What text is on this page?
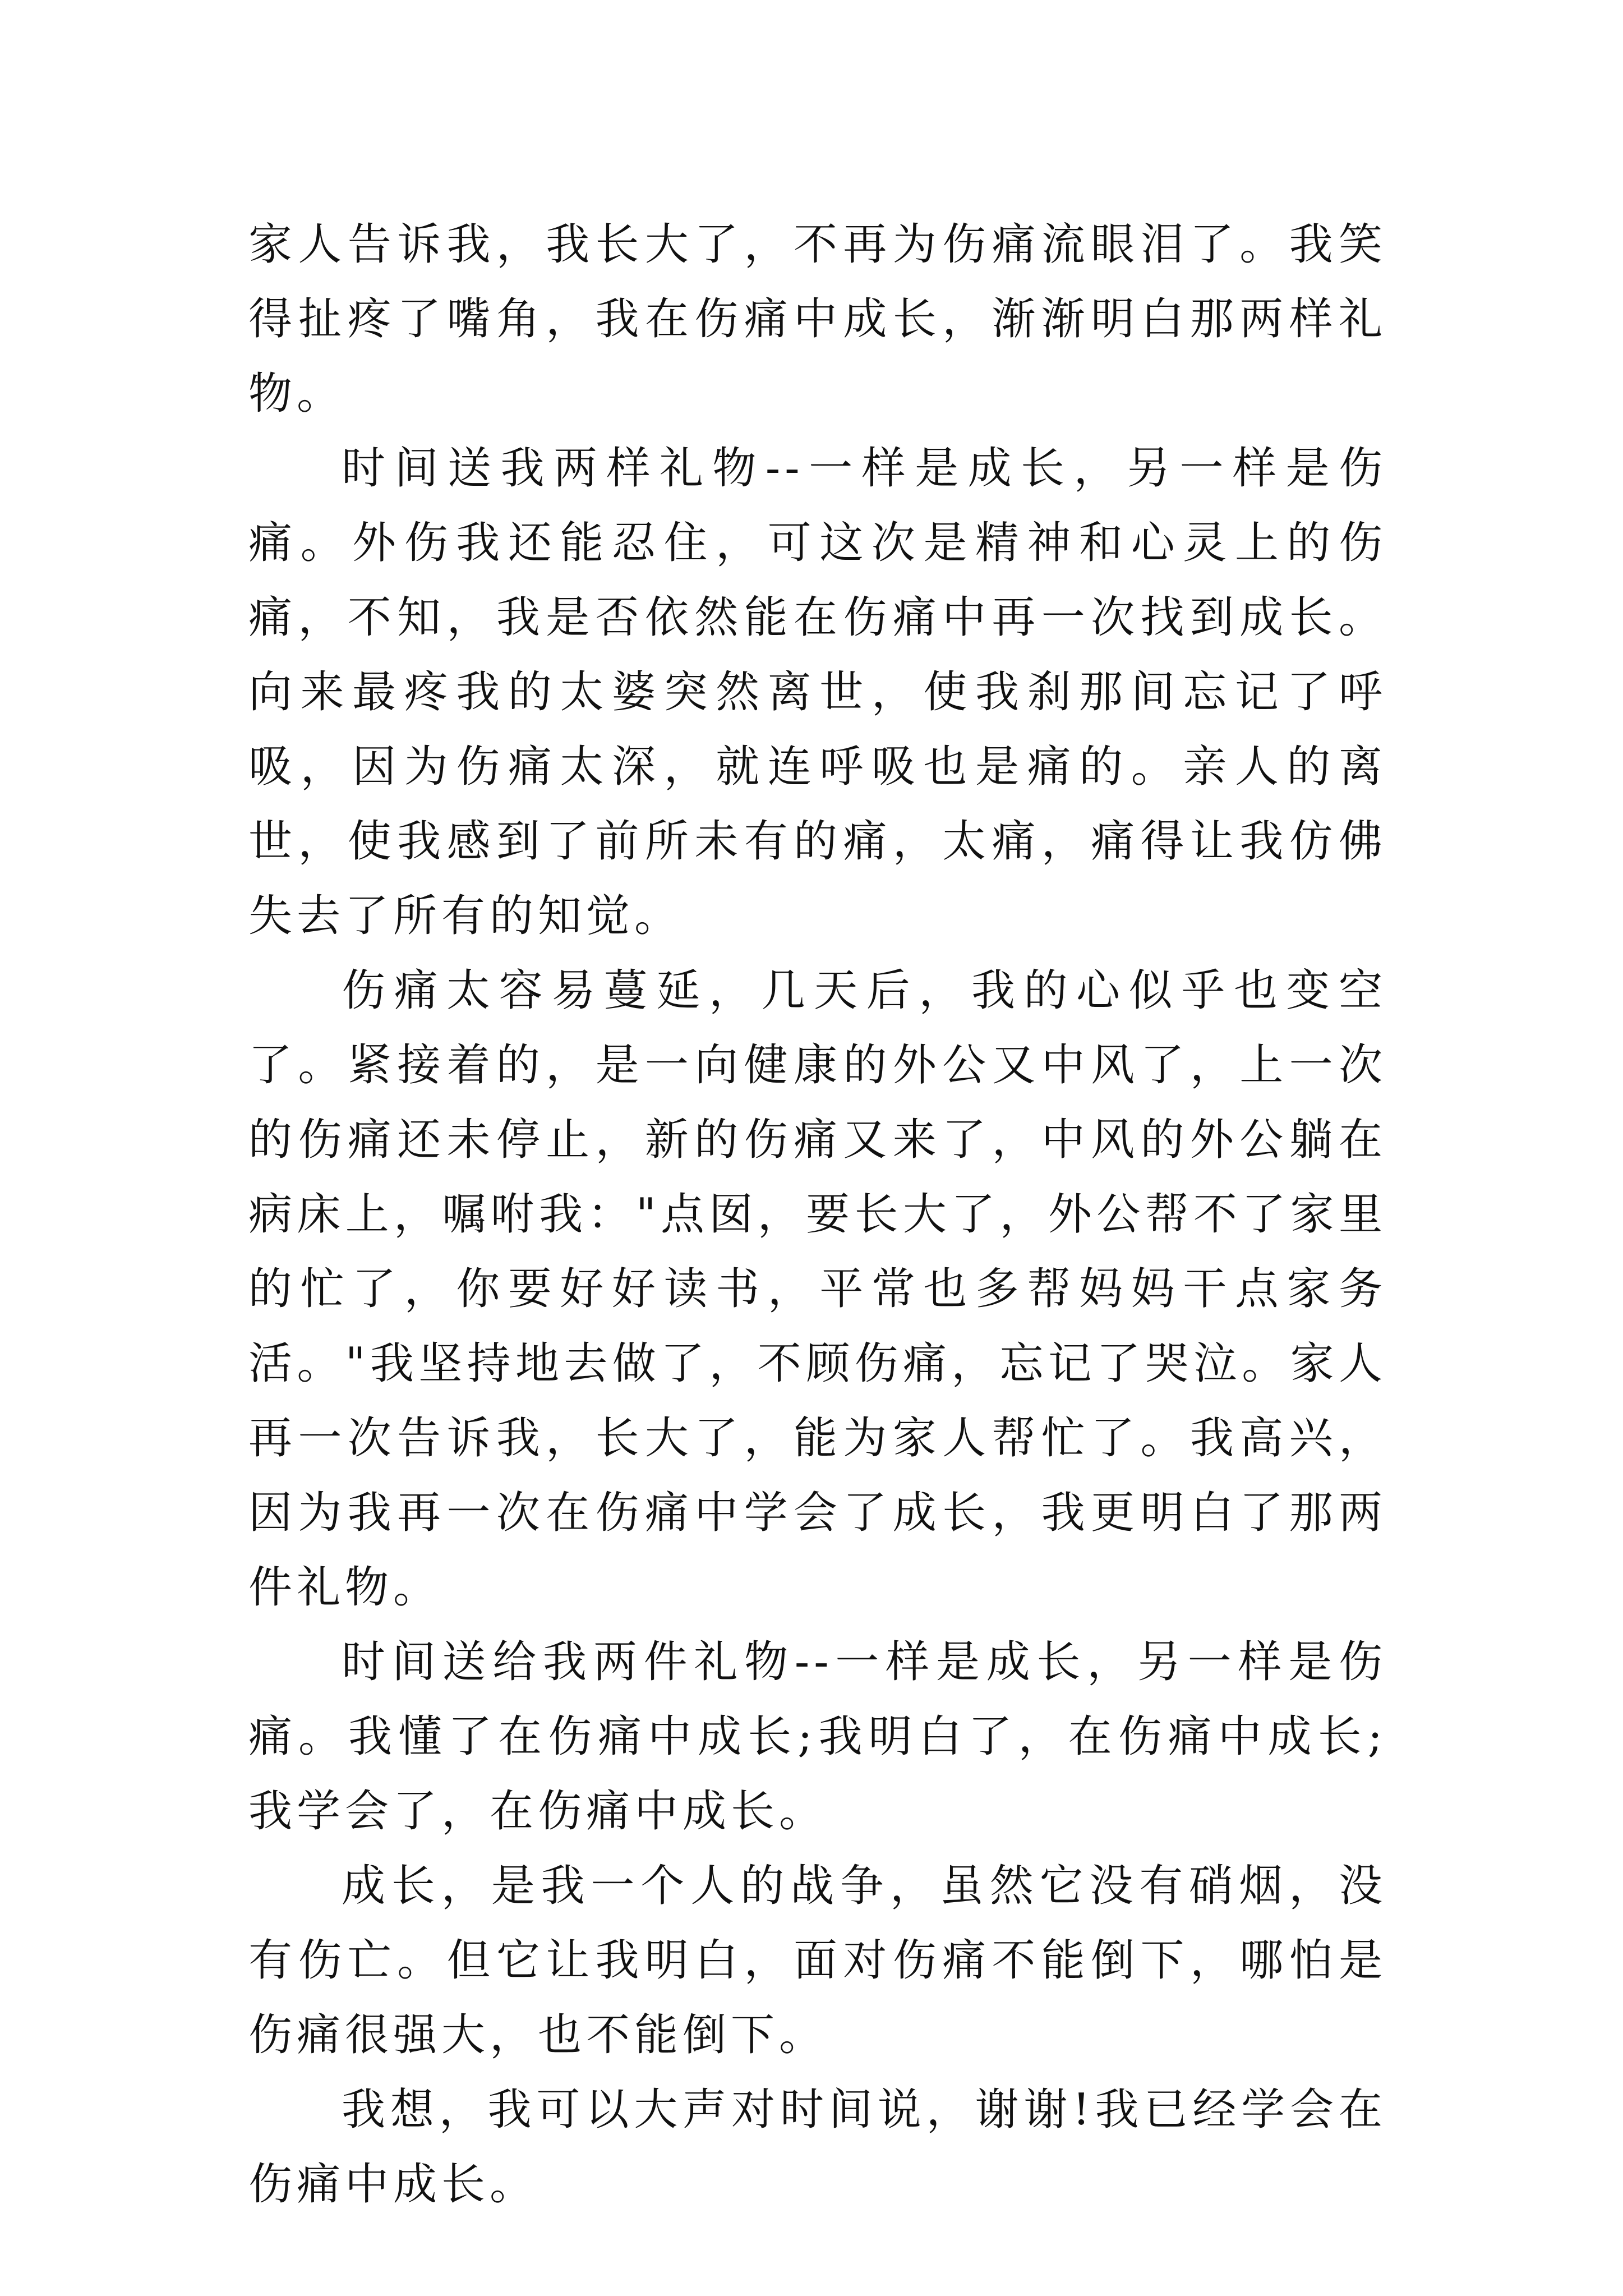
家人告诉我，我长大了，不再为伤痛流眼泪了。我笑得扯疼了嘴角，我在伤痛中成长，渐渐明白那两样礼物。

时间送我两样礼物--一样是成长，另一样是伤痛。外伤我还能忍住，可这次是精神和心灵上的伤痛，不知，我是否依然能在伤痛中再一次找到成长。向来最疼我的太婆突然离世，使我刹那间忘记了呼吸，因为伤痛太深，就连呼吸也是痛的。亲人的离世，使我感到了前所未有的痛，太痛，痛得让我仿佛失去了所有的知觉。

伤痛太容易蔓延，几天后，我的心似乎也变空了。紧接着的，是一向健康的外公又中风了，上一次的伤痛还未停止，新的伤痛又来了，中风的外公躺在病床上，嘱咐我："点囡，要长大了，外公帮不了家里的忙了，你要好好读书，平常也多帮妈妈干点家务活。"我坚持地去做了，不顾伤痛，忘记了哭泣。家人再一次告诉我，长大了，能为家人帮忙了。我高兴，因为我再一次在伤痛中学会了成长，我更明白了那两件礼物。

时间送给我两件礼物--一样是成长，另一样是伤痛。我懂了在伤痛中成长;我明白了，在伤痛中成长;我学会了，在伤痛中成长。

成长，是我一个人的战争，虽然它没有硝烟，没有伤亡。但它让我明白，面对伤痛不能倒下，哪怕是伤痛很强大，也不能倒下。

我想，我可以大声对时间说，谢谢!我已经学会在伤痛中成长。
